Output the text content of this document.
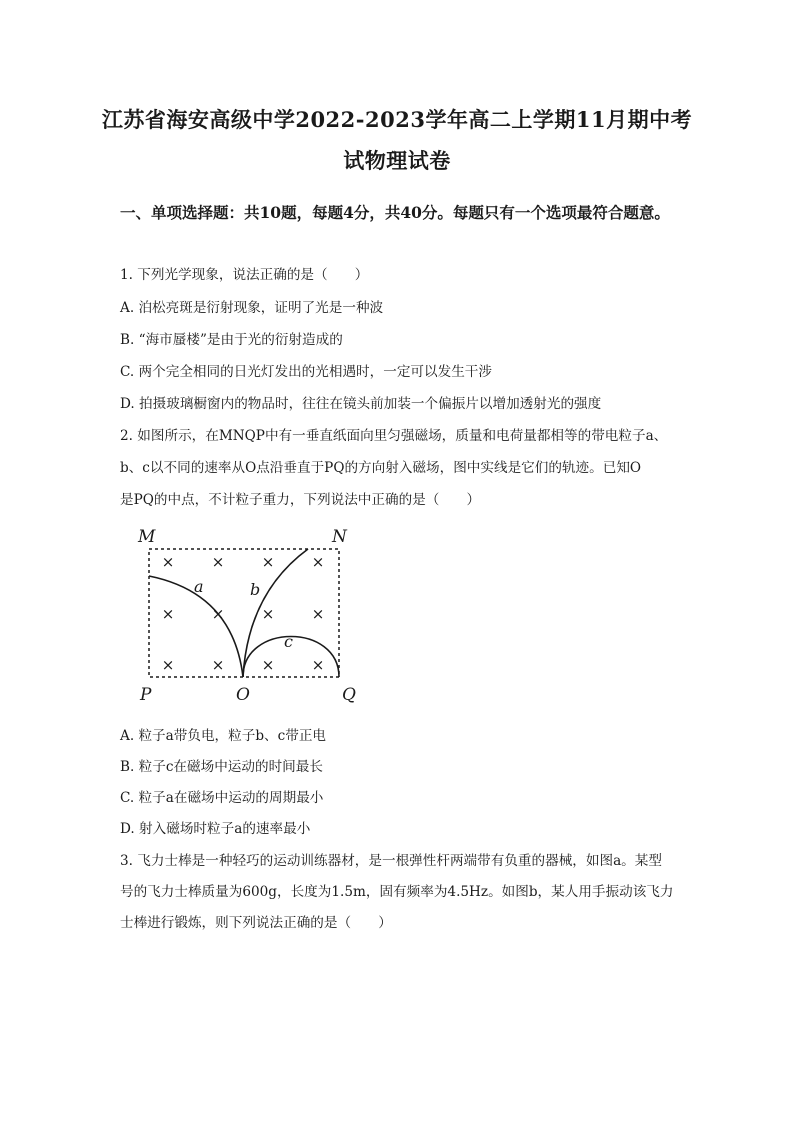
江苏省海安高级中学2022-2023学年高二上学期11月期中考
试物理试卷
一、单项选择题：共10题，每题4分，共40分。每题只有一个选项最符合题意。
1. 下列光学现象，说法正确的是（　　）
A. 泊松亮斑是衍射现象，证明了光是一种波
B. “海市蜃楼”是由于光的衍射造成的
C. 两个完全相同的日光灯发出的光相遇时，一定可以发生干涉
D. 拍摄玻璃橱窗内的物品时，往往在镜头前加装一个偏振片以增加透射光的强度
2. 如图所示，在MNQP中有一垂直纸面向里匀强磁场，质量和电荷量都相等的带电粒子a、
b、c以不同的速率从O点沿垂直于PQ的方向射入磁场，图中实线是它们的轨迹。已知O
是PQ的中点，不计粒子重力，下列说法中正确的是（　　）
× × × ×
× × × ×
× × × ×
a	b
c
M	N
P	O	Q
A. 粒子a带负电，粒子b、c带正电
B. 粒子c在磁场中运动的时间最长
C. 粒子a在磁场中运动的周期最小
D. 射入磁场时粒子a的速率最小
3. 飞力士棒是一种轻巧的运动训练器材，是一根弹性杆两端带有负重的器械，如图a。某型
号的飞力士棒质量为600g，长度为1.5m，固有频率为4.5Hz。如图b，某人用手振动该飞力
士棒进行锻炼，则下列说法正确的是（　　）
